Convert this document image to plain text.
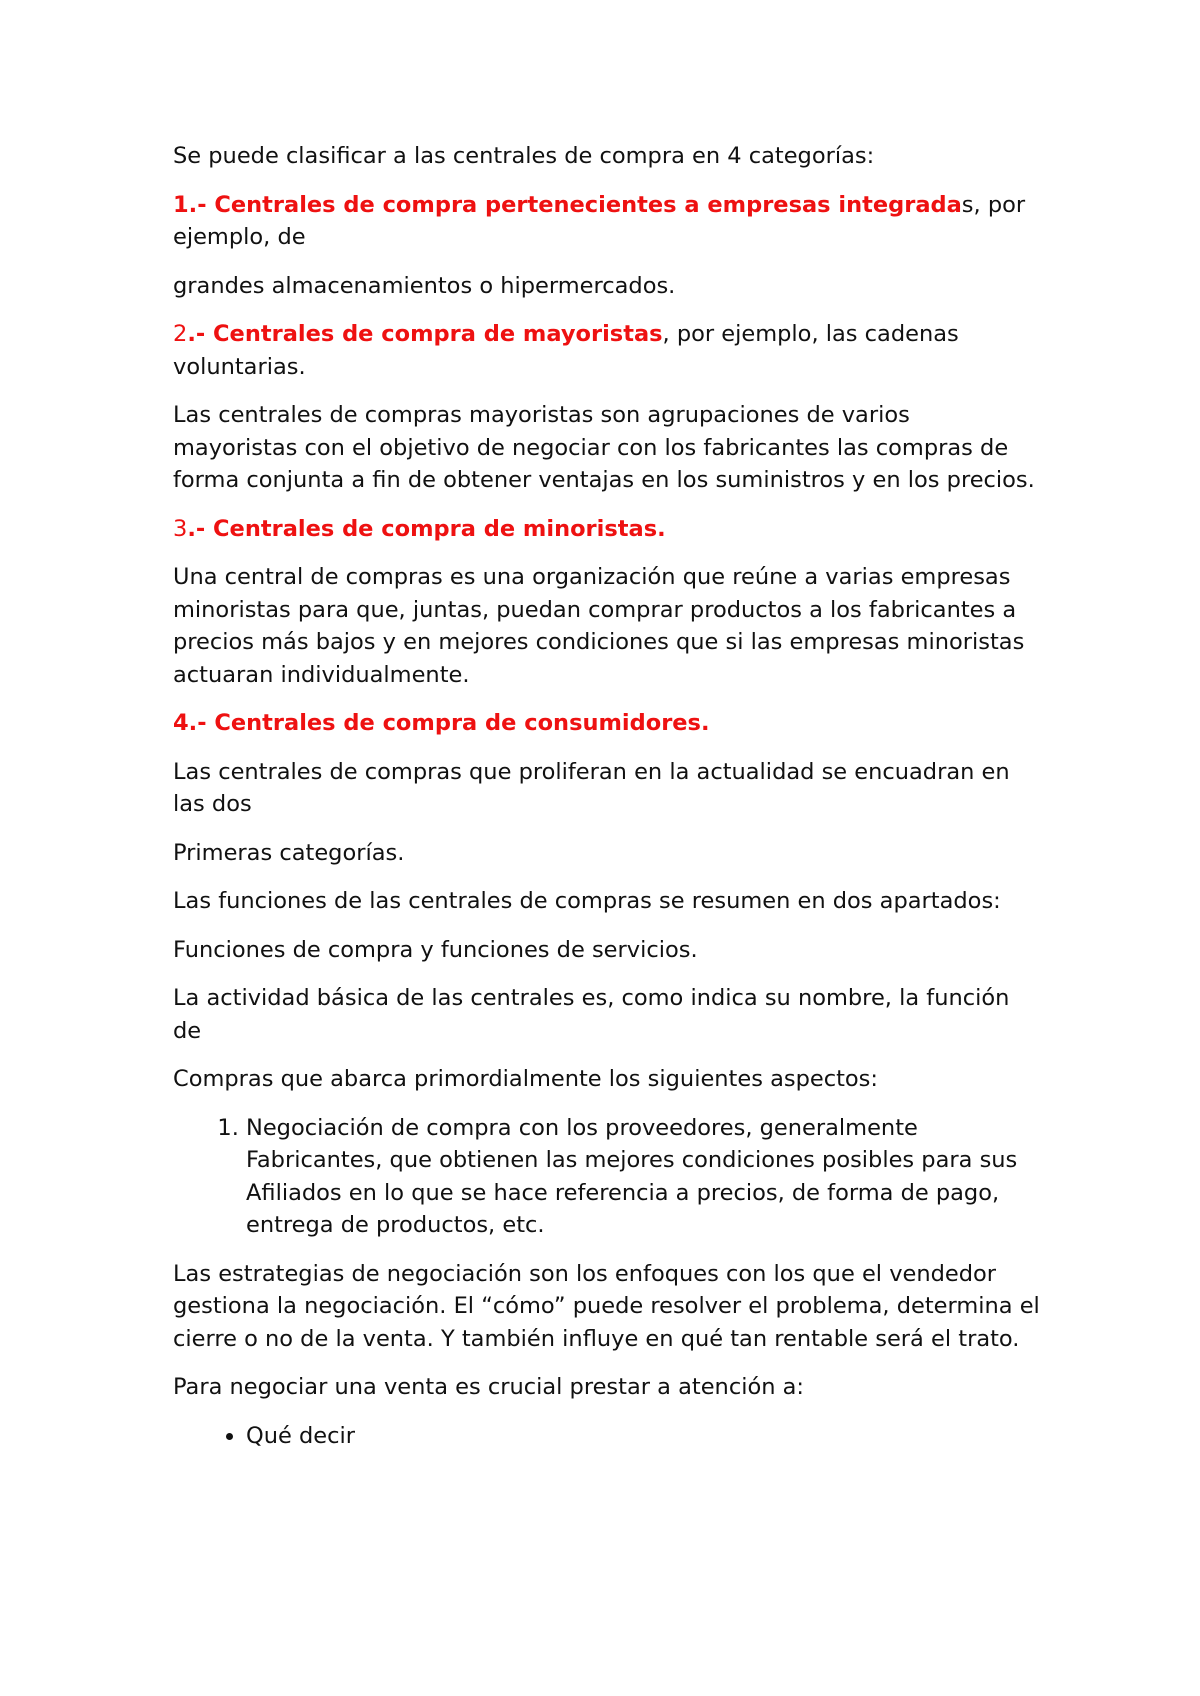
Se puede clasificar a las centrales de compra en 4 categorías:

1.- Centrales de compra pertenecientes a empresas integradas, por ejemplo, de

grandes almacenamientos o hipermercados.

2.- Centrales de compra de mayoristas, por ejemplo, las cadenas voluntarias.

Las centrales de compras mayoristas son agrupaciones de varios mayoristas con el objetivo de negociar con los fabricantes las compras de forma conjunta a fin de obtener ventajas en los suministros y en los precios.

3.- Centrales de compra de minoristas.

Una central de compras es una organización que reúne a varias empresas minoristas para que, juntas, puedan comprar productos a los fabricantes a precios más bajos y en mejores condiciones que si las empresas minoristas actuaran individualmente.

4.- Centrales de compra de consumidores.

Las centrales de compras que proliferan en la actualidad se encuadran en las dos

Primeras categorías.

Las funciones de las centrales de compras se resumen en dos apartados:

Funciones de compra y funciones de servicios.

La actividad básica de las centrales es, como indica su nombre, la función de

Compras que abarca primordialmente los siguientes aspectos:

1. Negociación de compra con los proveedores, generalmente Fabricantes, que obtienen las mejores condiciones posibles para sus Afiliados en lo que se hace referencia a precios, de forma de pago, entrega de productos, etc.

Las estrategias de negociación son los enfoques con los que el vendedor gestiona la negociación. El “cómo” puede resolver el problema, determina el cierre o no de la venta. Y también influye en qué tan rentable será el trato.

Para negociar una venta es crucial prestar a atención a:

• Qué decir
